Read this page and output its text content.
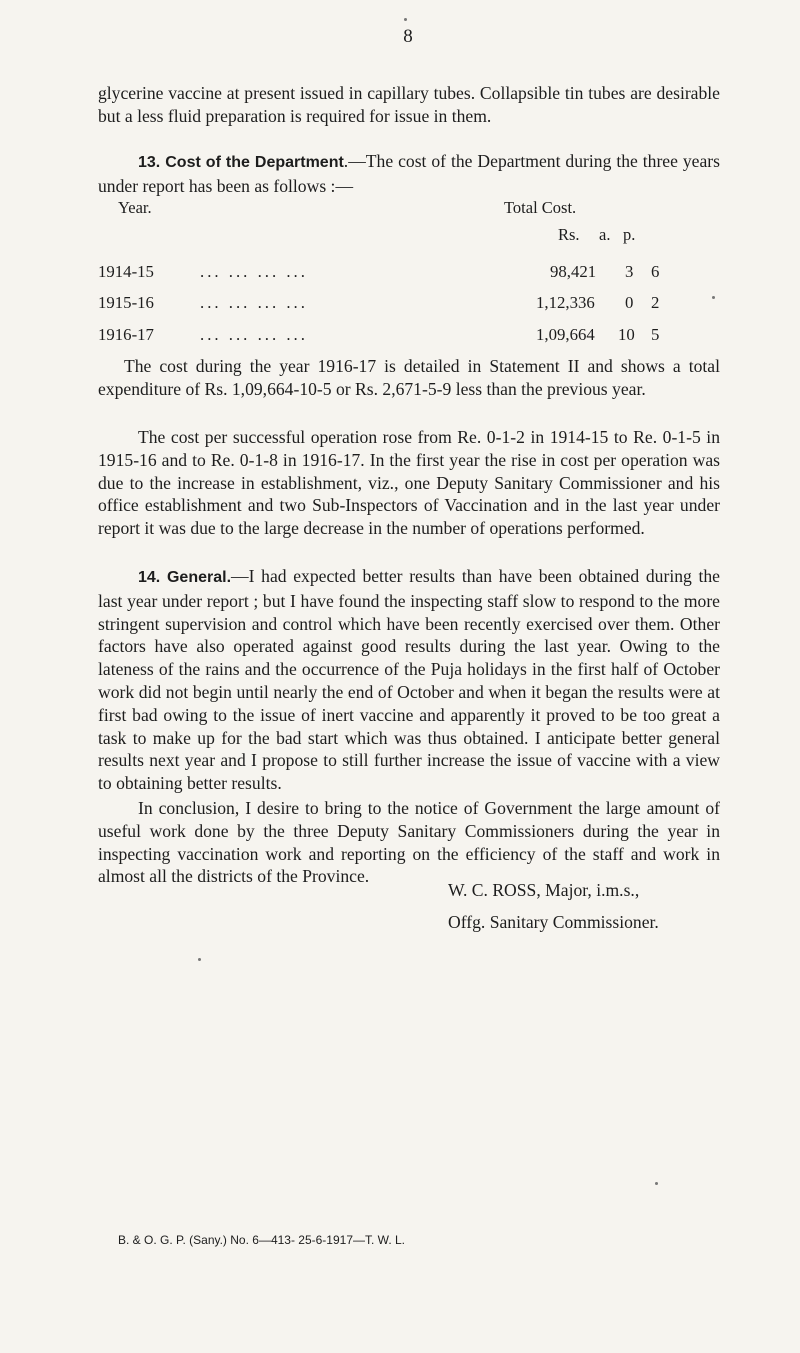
8

glycerine vaccine at present issued in capillary tubes. Collapsible tin tubes are desirable but a less fluid preparation is required for issue in them.

13. Cost of the Department.—The cost of the Department during the three years under report has been as follows :—

Year.	Total Cost.
Rs. a. p.
1914-15	... ... ... ...	98,421 3 6
1915-16	... ... ... ...	1,12,336 0 2
1916-17	... ... ... ...	1,09,664 10 5

The cost during the year 1916-17 is detailed in Statement II and shows a total expenditure of Rs. 1,09,664-10-5 or Rs. 2,671-5-9 less than the previous year.

The cost per successful operation rose from Re. 0-1-2 in 1914-15 to Re. 0-1-5 in 1915-16 and to Re. 0-1-8 in 1916-17. In the first year the rise in cost per operation was due to the increase in establishment, viz., one Deputy Sanitary Commissioner and his office establishment and two Sub-Inspectors of Vaccination and in the last year under report it was due to the large decrease in the number of operations performed.

14. General.—I had expected better results than have been obtained during the last year under report ; but I have found the inspecting staff slow to respond to the more stringent supervision and control which have been recently exercised over them. Other factors have also operated against good results during the last year. Owing to the lateness of the rains and the occurrence of the Puja holidays in the first half of October work did not begin until nearly the end of October and when it began the results were at first bad owing to the issue of inert vaccine and apparently it proved to be too great a task to make up for the bad start which was thus obtained. I anticipate better general results next year and I propose to still further increase the issue of vaccine with a view to obtaining better results.

In conclusion, I desire to bring to the notice of Government the large amount of useful work done by the three Deputy Sanitary Commissioners during the year in inspecting vaccination work and reporting on the efficiency of the staff and work in almost all the districts of the Province.

W. C. ROSS, Major, i.m.s.,
Offg. Sanitary Commissioner.
B. & O. G. P. (Sany.) No. 6—413- 25-6-1917—T. W. L.
